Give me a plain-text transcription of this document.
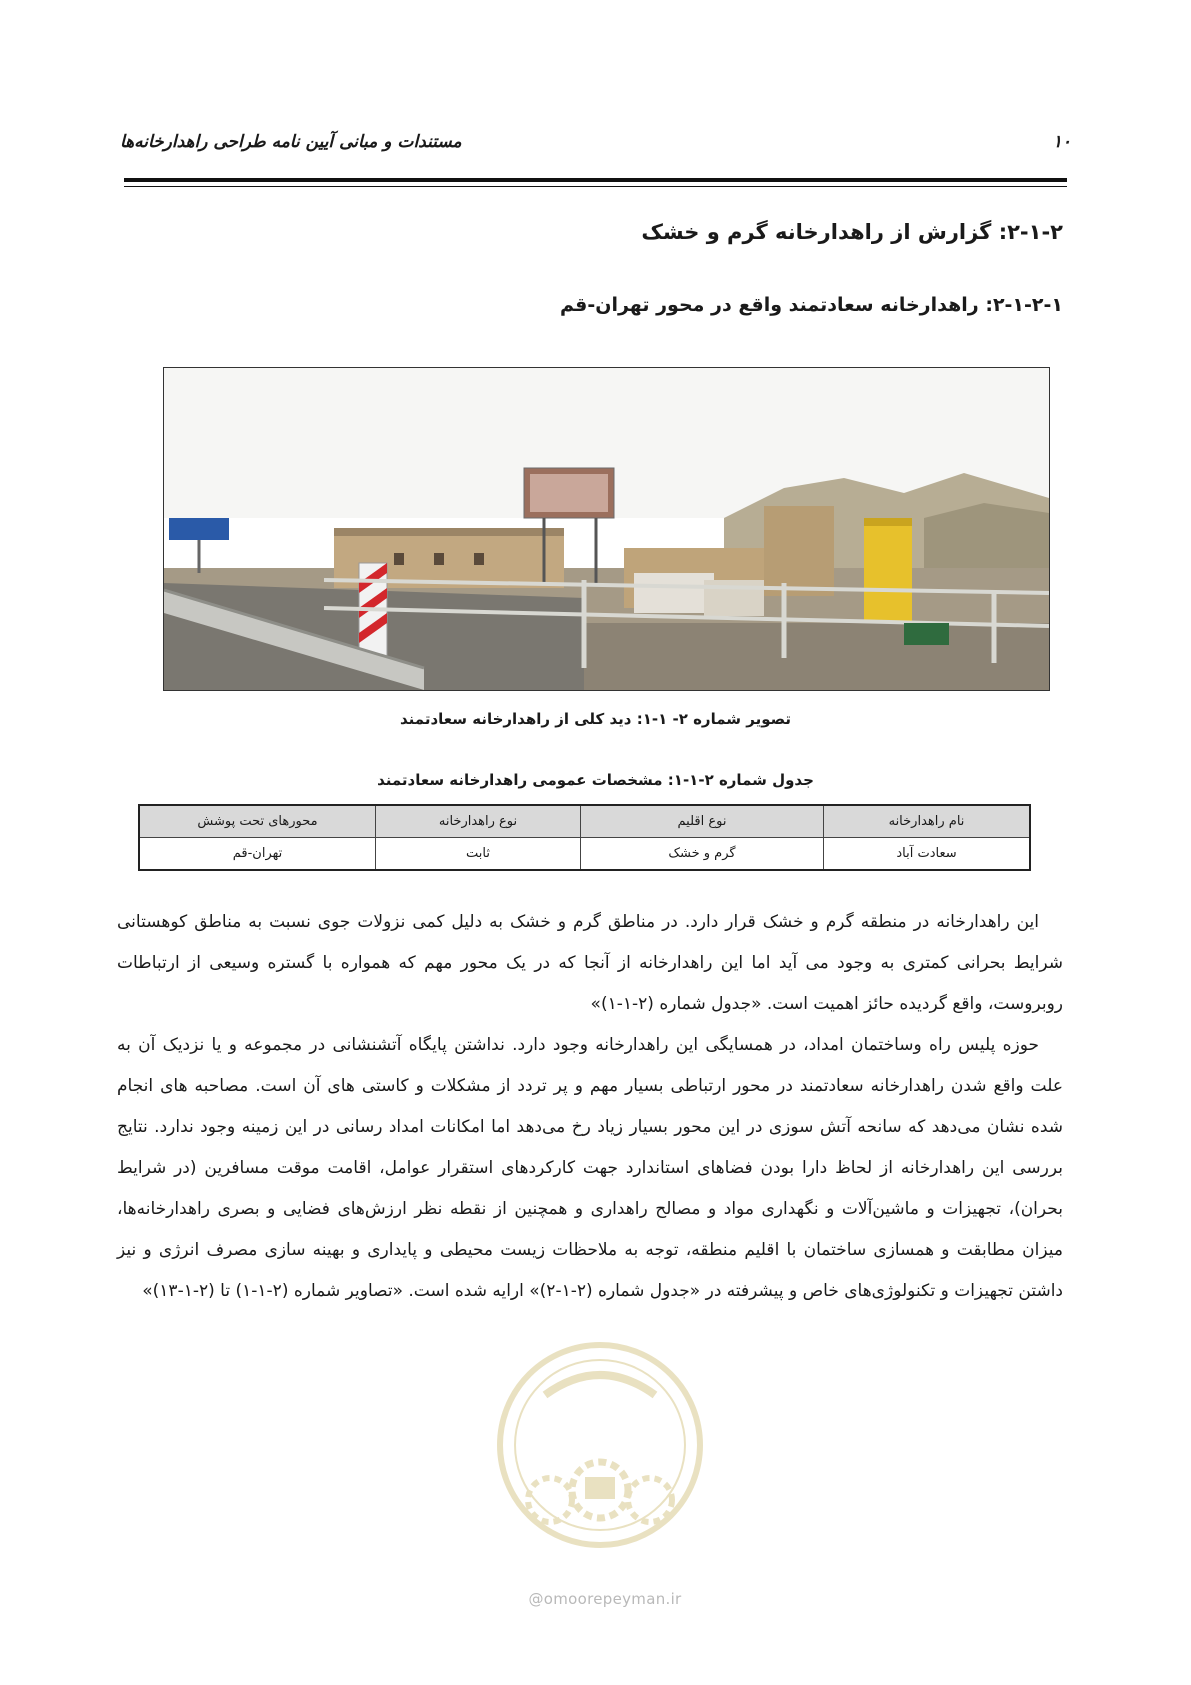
۱۰
مستندات و مبانی آیین نامه طراحی راهدارخانه‌ها
۲-۱-۲: گزارش از راهدارخانه گرم و خشک
۲-۱-۲-۱: راهدارخانه سعادتمند واقع در محور تهران-قم
تصویر شماره ۲- ۱-۱: دید کلی از راهدارخانه سعادتمند
جدول شماره ۲-۱-۱: مشخصات عمومی راهدارخانه سعادتمند
نام راهدارخانه	نوع اقلیم	نوع راهدارخانه	محورهای تحت پوشش
سعادت آباد	گرم و خشک	ثابت	تهران-قم

این راهدارخانه در منطقه گرم و خشک قرار دارد. در مناطق گرم و خشک به دلیل کمی نزولات جوی نسبت به مناطق کوهستانی شرایط بحرانی کمتری به وجود می آید اما این راهدارخانه از آنجا که در یک محور مهم که همواره با گستره وسیعی از ارتباطات روبروست، واقع گردیده حائز اهمیت است. «جدول شماره (۲-۱-۱)»

حوزه پلیس راه وساختمان امداد، در همسایگی این راهدارخانه وجود دارد. نداشتن پایگاه آتشنشانی در مجموعه و یا نزدیک آن به علت واقع شدن راهدارخانه سعادتمند در محور ارتباطی بسیار مهم و پر تردد از مشکلات و کاستی های آن است. مصاحبه های انجام شده نشان می‌دهد که سانحه آتش سوزی در این محور بسیار زیاد رخ می‌دهد اما امکانات امداد رسانی در این زمینه وجود ندارد. نتایج بررسی این راهدارخانه از لحاظ دارا بودن فضاهای استاندارد جهت کارکردهای استقرار عوامل، اقامت موقت مسافرین (در شرایط بحران)، تجهیزات و ماشین‌آلات و نگهداری مواد و مصالح راهداری و همچنین از نقطه نظر ارزش‌های فضایی و بصری راهدارخانه‌ها، میزان مطابقت و همسازی ساختمان با اقلیم منطقه، توجه به ملاحظات زیست محیطی و پایداری و بهینه سازی مصرف انرژی و نیز داشتن تجهیزات و تکنولوژی‌های خاص و پیشرفته در «جدول شماره (۲-۱-۲)» ارایه شده است. «تصاویر شماره (۲-۱-۱) تا (۲-۱-۱۳)»

@omoorepeyman.ir
